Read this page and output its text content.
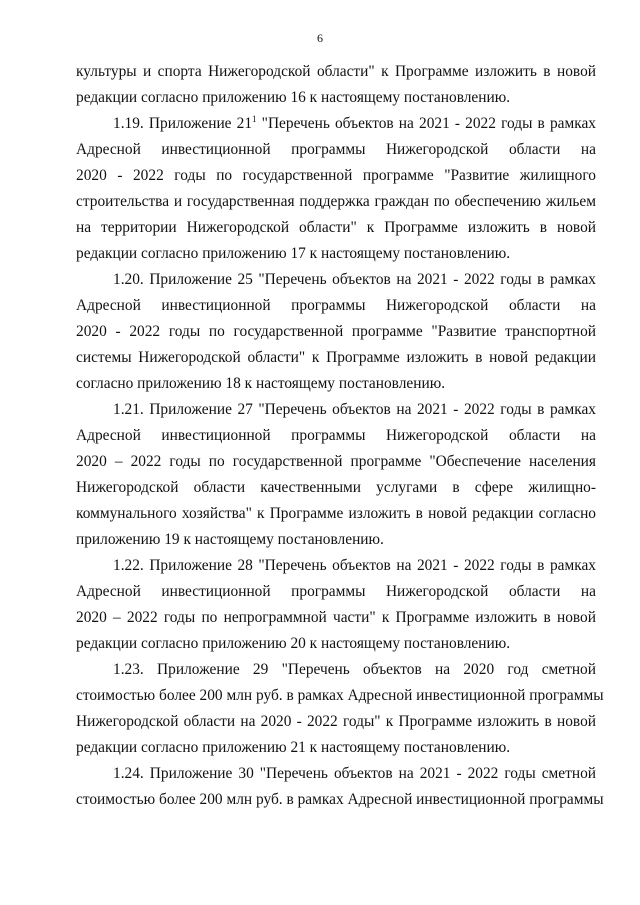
6
культуры и спорта Нижегородской области" к Программе изложить в новой
редакции согласно приложению 16 к настоящему постановлению.
1.19. Приложение $21^1$ "Перечень объектов на 2021 - 2022 годы в рамках
Адресной инвестиционной программы Нижегородской области на
2020 - 2022 годы по государственной программе "Развитие жилищного
строительства и государственная поддержка граждан по обеспечению жильем
на территории Нижегородской области" к Программе изложить в новой
редакции согласно приложению 17 к настоящему постановлению.
1.20. Приложение 25 "Перечень объектов на 2021 - 2022 годы в рамках
Адресной инвестиционной программы Нижегородской области на
2020 - 2022 годы по государственной программе "Развитие транспортной
системы Нижегородской области" к Программе изложить в новой редакции
согласно приложению 18 к настоящему постановлению.
1.21. Приложение 27 "Перечень объектов на 2021 - 2022 годы в рамках
Адресной инвестиционной программы Нижегородской области на
2020 – 2022 годы по государственной программе "Обеспечение населения
Нижегородской области качественными услугами в сфере жилищно-
коммунального хозяйства" к Программе изложить в новой редакции согласно
приложению 19 к настоящему постановлению.
1.22. Приложение 28 "Перечень объектов на 2021 - 2022 годы в рамках
Адресной инвестиционной программы Нижегородской области на
2020 – 2022 годы по непрограммной части" к Программе изложить в новой
редакции согласно приложению 20 к настоящему постановлению.
1.23. Приложение 29 "Перечень объектов на 2020 год сметной
стоимостью более 200 млн руб. в рамках Адресной инвестиционной программы
Нижегородской области на 2020 - 2022 годы" к Программе изложить в новой
редакции согласно приложению 21 к настоящему постановлению.
1.24. Приложение 30 "Перечень объектов на 2021 - 2022 годы сметной
стоимостью более 200 млн руб. в рамках Адресной инвестиционной программы
